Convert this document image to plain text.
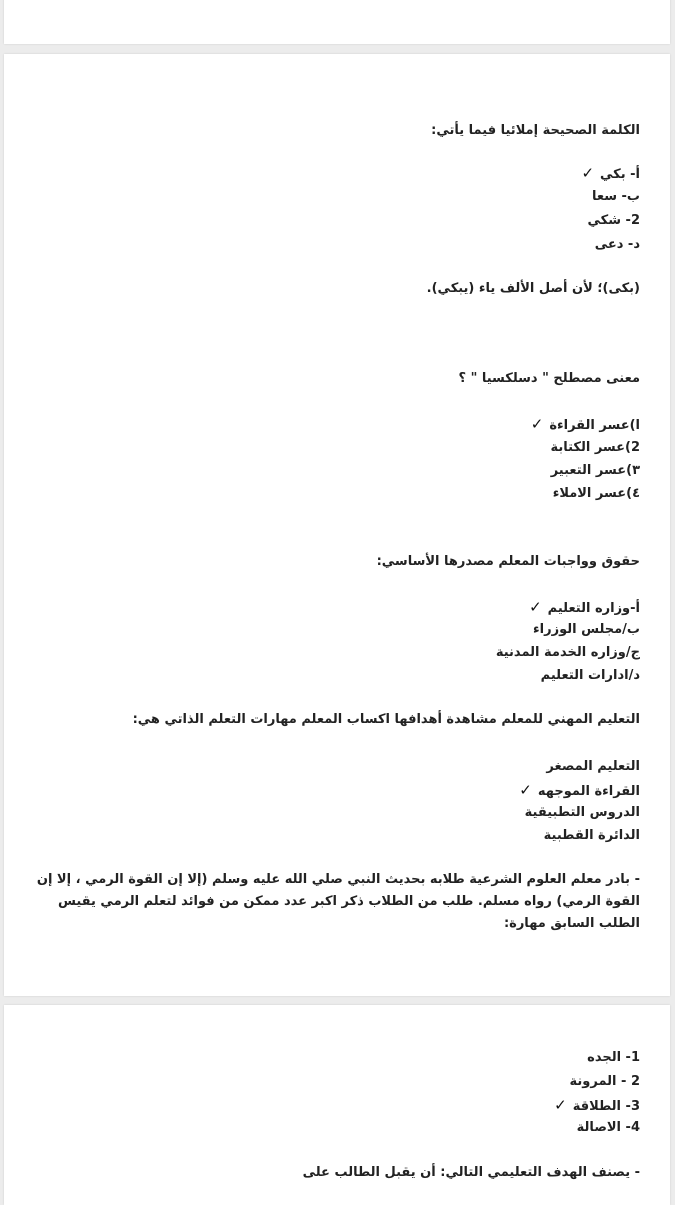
الكلمة الصحيحة إملائيا فيما يأتي:
أ- بكي✓
ب- سعا
2- شكي
د- دعى
(بكى)؛ لأن أصل الألف ياء (يبكي).
معنى مصطلح " دسلكسيا " ؟
ا)عسر القراءة✓
2)عسر الكتابة
٣)عسر التعبير
٤)عسر الاملاء
حقوق وواجبات المعلم مصدرها الأساسي:
أ-وزاره التعليم✓
ب/مجلس الوزراء
ج/وزاره الخدمة المدنية
د/ادارات التعليم
التعليم المهني للمعلم مشاهدة أهدافها اكساب المعلم مهارات التعلم الذاتي هي:
التعليم المصغر
القراءة الموجهه✓
الدروس التطبيقية
الدائرة القطبية
- بادر معلم العلوم الشرعية طلابه بحديث النبي صلي الله عليه وسلم (إلا إن القوة الرمي ، إلا إن القوة الرمي) رواه مسلم. طلب من الطلاب ذكر اكبر عدد ممكن من فوائد لتعلم الرمي يقيس الطلب السابق مهارة:
1- الجده
2 - المرونة
3- الطلاقة✓
4- الاصالة
- يصنف الهدف التعليمي التالي: أن يقبل الطالب على
